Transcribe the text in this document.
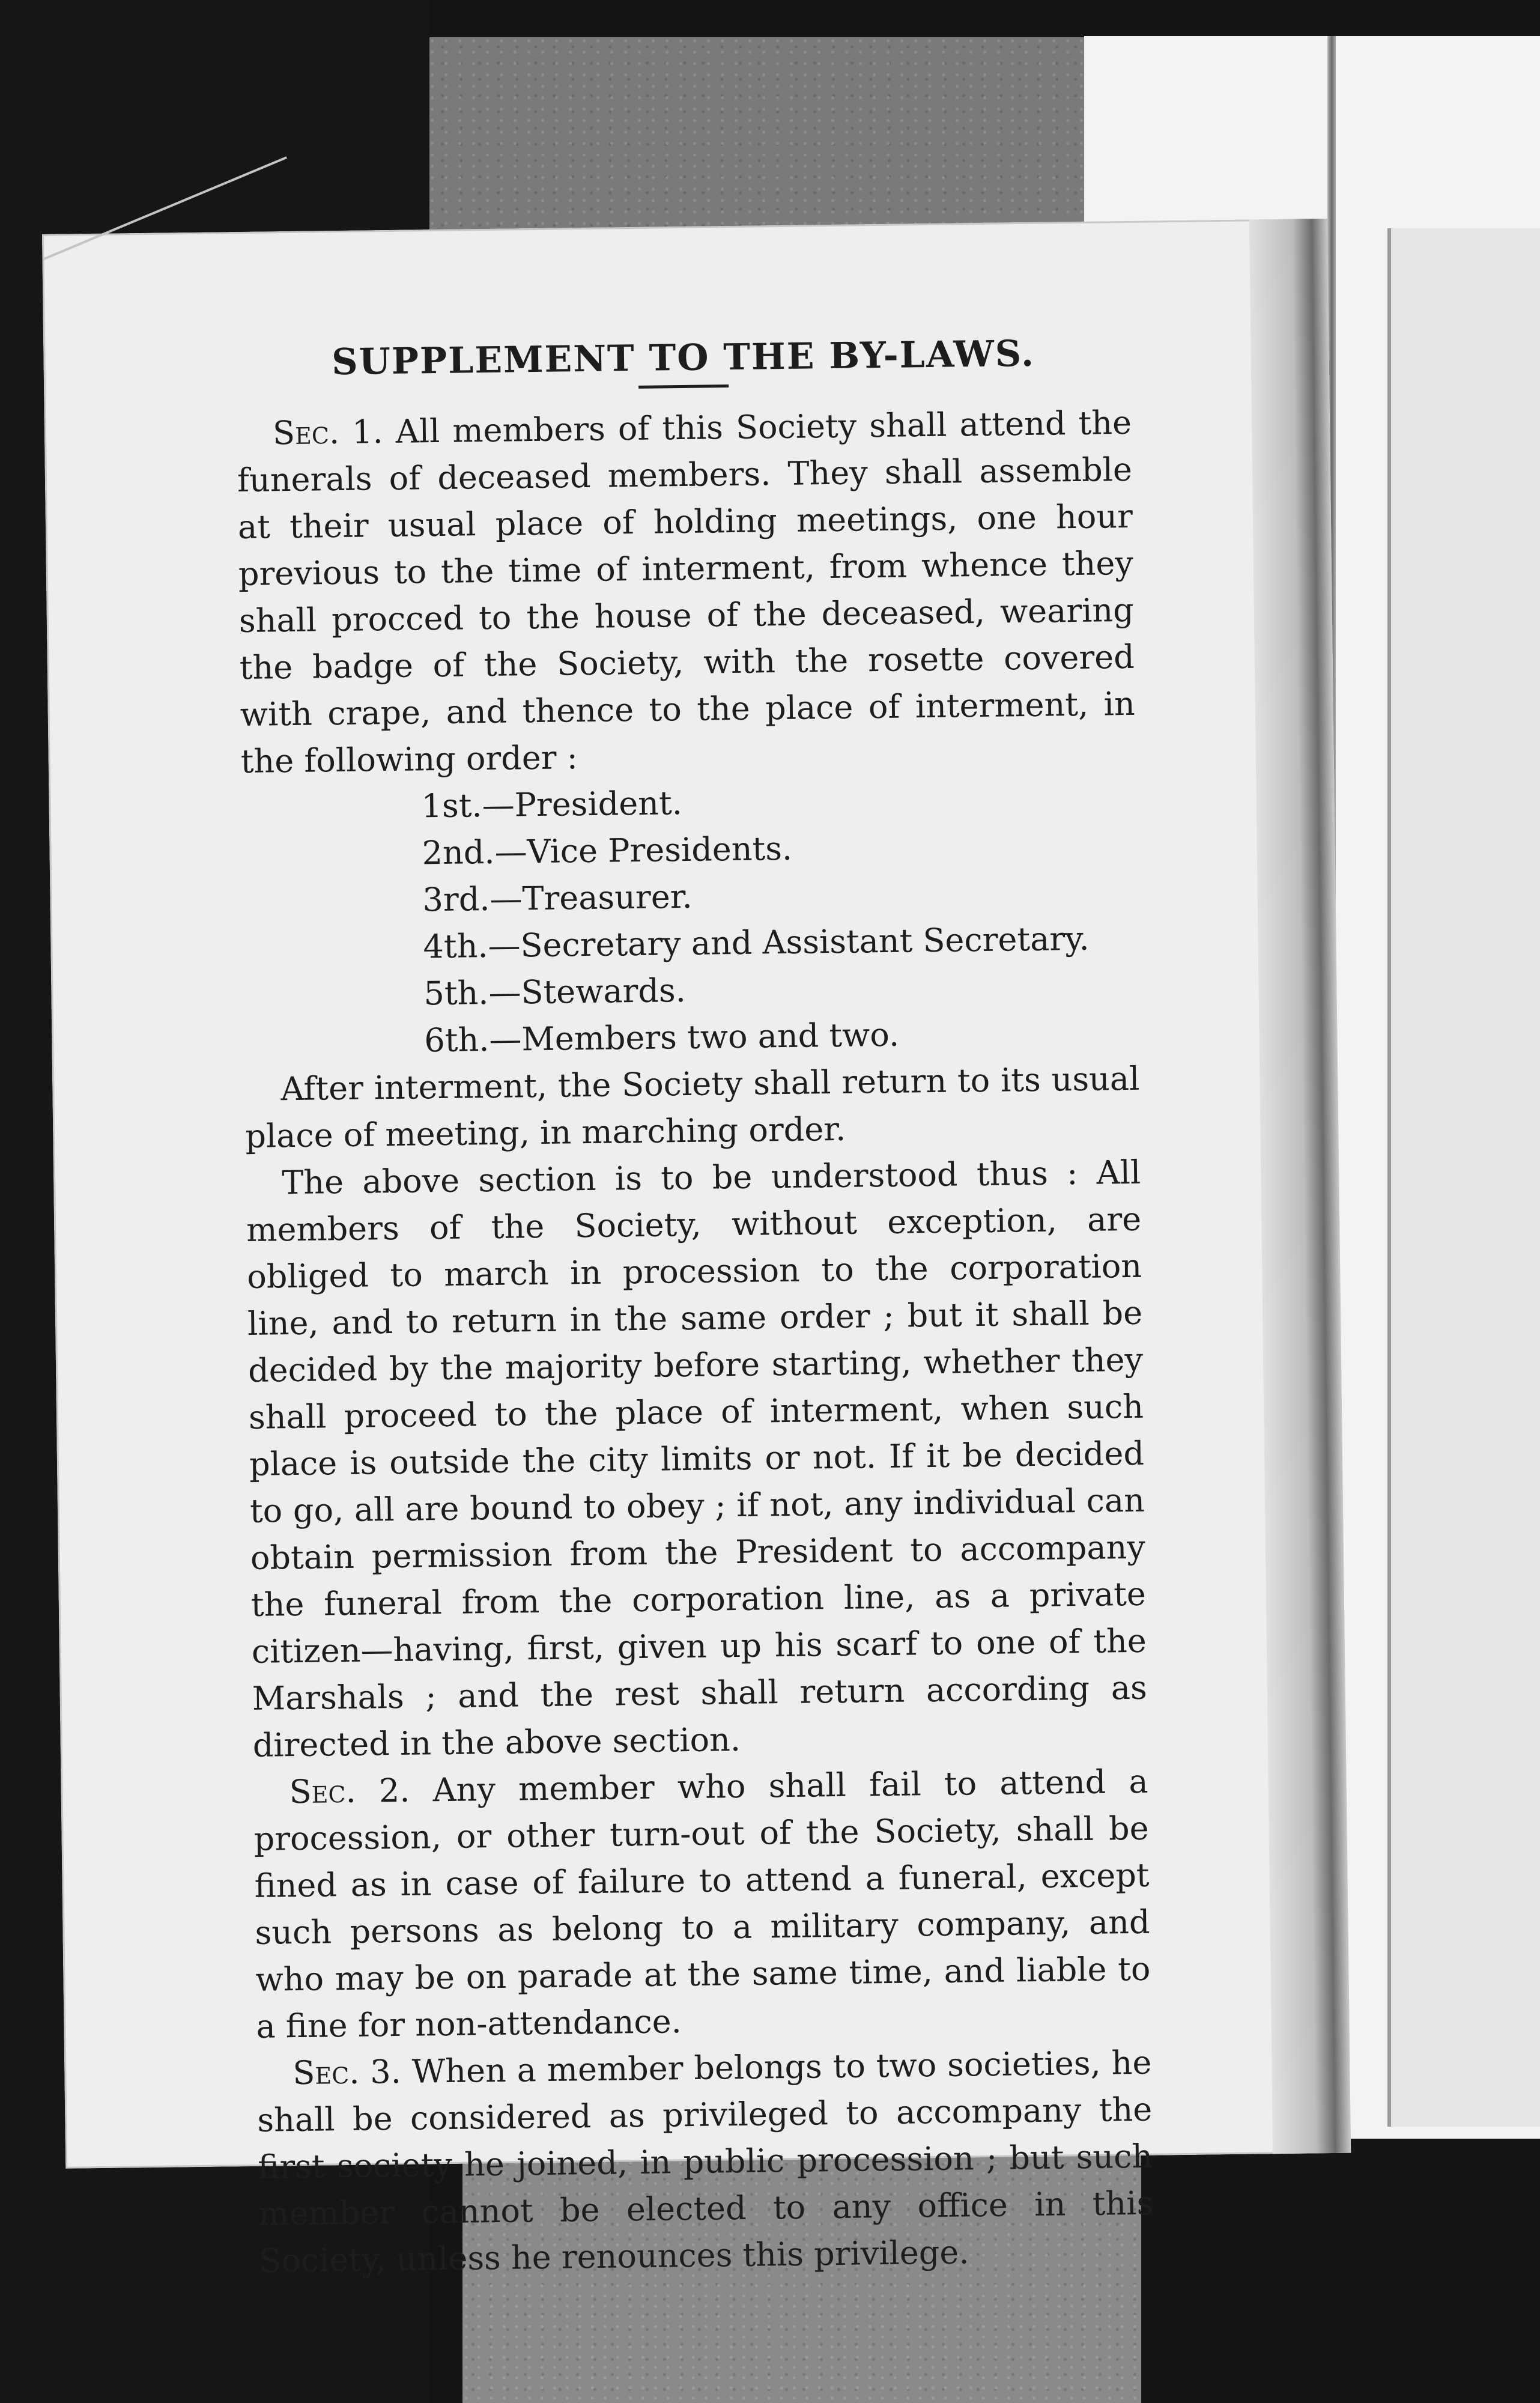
SUPPLEMENT TO THE BY-LAWS.

Sec. 1. All members of this Society shall attend the funerals of deceased members. They shall assemble at their usual place of holding meetings, one hour previous to the time of interment, from whence they shall procced to the house of the deceased, wearing the badge of the Society, with the rosette covered with crape, and thence to the place of interment, in the following order :

1st.—President.
2nd.—Vice Presidents.
3rd.—Treasurer.
4th.—Secretary and Assistant Secretary.
5th.—Stewards.
6th.—Members two and two.

After interment, the Society shall return to its usual place of meeting, in marching order.

The above section is to be understood thus : All members of the Society, without exception, are obliged to march in procession to the corporation line, and to return in the same order ; but it shall be decided by the majority before starting, whether they shall proceed to the place of interment, when such place is outside the city limits or not. If it be decided to go, all are bound to obey ; if not, any individual can obtain permission from the President to accompany the funeral from the corporation line, as a private citizen—having, first, given up his scarf to one of the Marshals ; and the rest shall return according as directed in the above section.

Sec. 2. Any member who shall fail to attend a procession, or other turn-out of the Society, shall be fined as in case of failure to attend a funeral, except such persons as belong to a military company, and who may be on parade at the same time, and liable to a fine for non-attendance.

Sec. 3. When a member belongs to two societies, he shall be considered as privileged to accompany the first society he joined, in public procession ; but such member cannot be elected to any office in this Society, unless he renounces this privilege.
